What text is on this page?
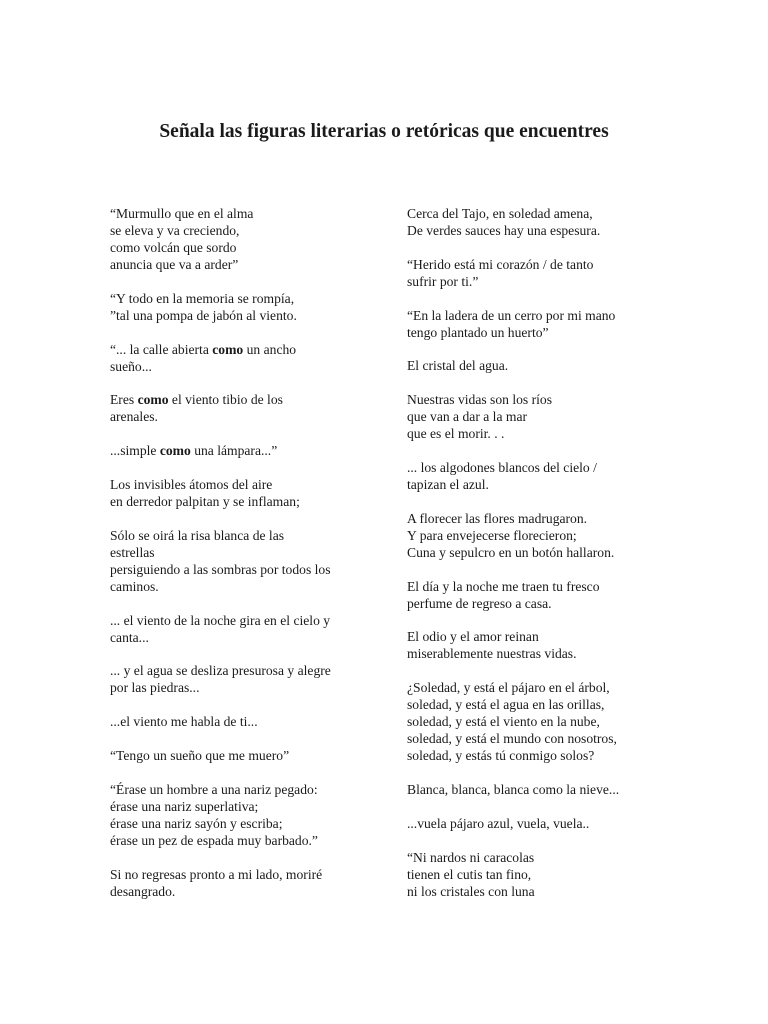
Señala las figuras literarias o retóricas que encuentres
“Murmullo que en el alma
se eleva y va creciendo,
como volcán que sordo
anuncia que va a arder”
“Y todo en la memoria se rompía,
”tal una pompa de jabón al viento.
“... la calle abierta como un ancho
sueño...
Eres como el viento tibio de los
arenales.
...simple como una lámpara...”
Los invisibles átomos del aire
en derredor palpitan y se inflaman;
Sólo se oirá la risa blanca de las
estrellas
persiguiendo a las sombras por todos los
caminos.
... el viento de la noche gira en el cielo y
canta...
... y el agua se desliza presurosa y alegre
por las piedras...
...el viento me habla de ti...
“Tengo un sueño que me muero”
“Érase un hombre a una nariz pegado:
érase una nariz superlativa;
érase una nariz sayón y escriba;
érase un pez de espada muy barbado.”
Si no regresas pronto a mi lado, moriré
desangrado.
Cerca del Tajo, en soledad amena,
De verdes sauces hay una espesura.
“Herido está mi corazón / de tanto
sufrir por ti.”
“En la ladera de un cerro por mi mano
tengo plantado un huerto”
El cristal del agua.
Nuestras vidas son los ríos
que van a dar a la mar
que es el morir. . .
... los algodones blancos del cielo /
tapizan el azul.
A florecer las flores madrugaron.
Y para envejecerse florecieron;
Cuna y sepulcro en un botón hallaron.
El día y la noche me traen tu fresco
perfume de regreso a casa.
El odio y el amor reinan
miserablemente nuestras vidas.
¿Soledad, y está el pájaro en el árbol,
soledad, y está el agua en las orillas,
soledad, y está el viento en la nube,
soledad, y está el mundo con nosotros,
soledad, y estás tú conmigo solos?
Blanca, blanca, blanca como la nieve...
...vuela pájaro azul, vuela, vuela..
“Ni nardos ni caracolas
tienen el cutis tan fino,
ni los cristales con luna
